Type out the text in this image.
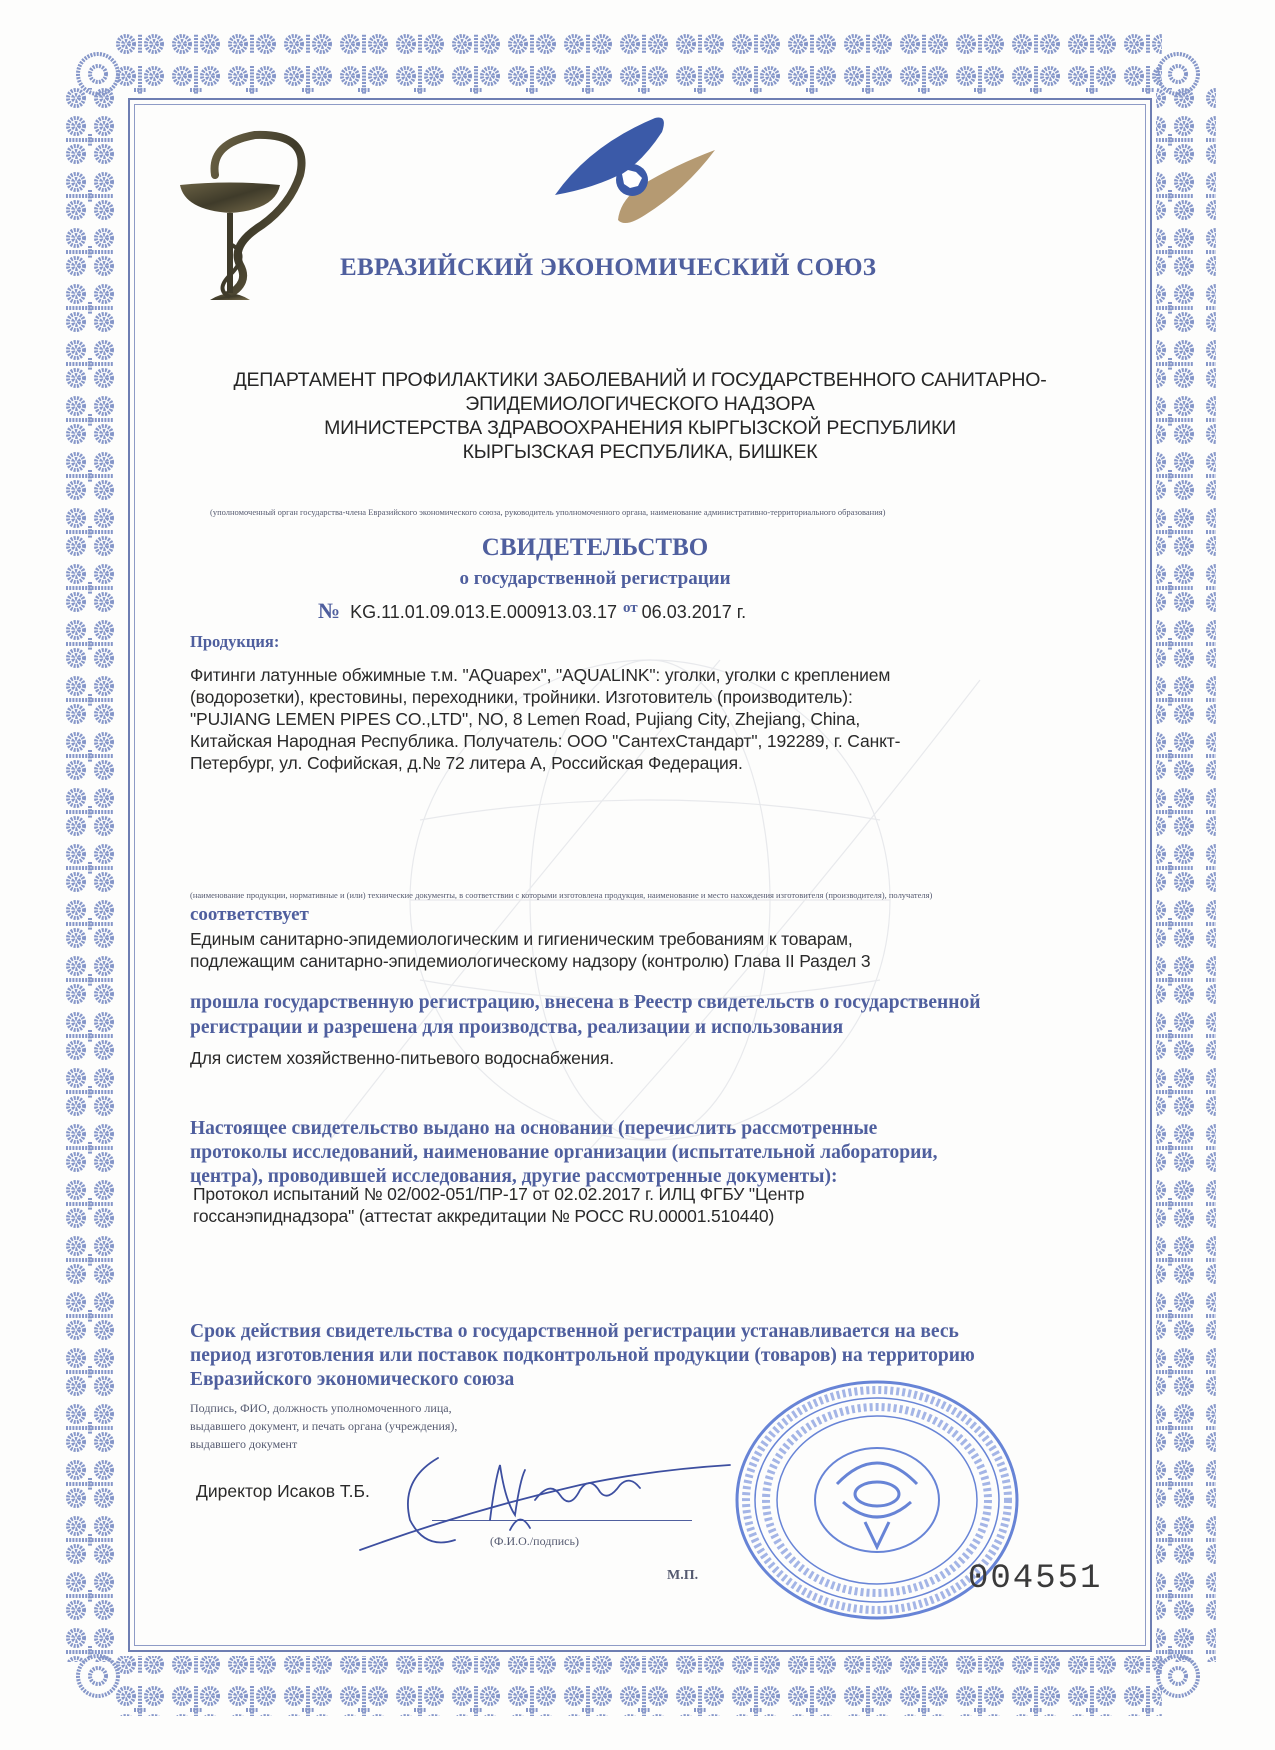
ЕВРАЗИЙСКИЙ ЭКОНОМИЧЕСКИЙ СОЮЗ
ДЕПАРТАМЕНТ ПРОФИЛАКТИКИ ЗАБОЛЕВАНИЙ И ГОСУДАРСТВЕННОГО САНИТАРНО-
ЭПИДЕМИОЛОГИЧЕСКОГО НАДЗОРА
МИНИСТЕРСТВА ЗДРАВООХРАНЕНИЯ КЫРГЫЗСКОЙ РЕСПУБЛИКИ
КЫРГЫЗСКАЯ РЕСПУБЛИКА, БИШКЕК
(уполномоченный орган государства-члена Евразийского экономического союза, руководитель уполномоченного органа, наименование административно-территориального образования)
СВИДЕТЕЛЬСТВО
о государственной регистрации
№ KG.11.01.09.013.E.000913.03.17 $^{от}$ 06.03.2017 г.
Продукция:
Фитинги латунные обжимные т.м. "AQuapex", "AQUALINK": уголки, уголки с креплением
(водорозетки), крестовины, переходники, тройники. Изготовитель (производитель):
"PUJIANG LEMEN PIPES CO.,LTD", NO, 8 Lemen Road, Pujiang City, Zhejiang, China,
Китайская Народная Республика. Получатель: ООО "СантехСтандарт", 192289, г. Санкт-
Петербург, ул. Софийская, д.№ 72 литера А, Российская Федерация.
(наименование продукции, нормативные и (или) технические документы, в соответствии с которыми изготовлена продукция, наименование и место нахождения изготовителя (производителя), получателя)
соответствует
Единым санитарно-эпидемиологическим и гигиеническим требованиям к товарам,
подлежащим санитарно-эпидемиологическому надзору (контролю) Глава II Раздел 3
прошла государственную регистрацию, внесена в Реестр свидетельств о государственной
регистрации и разрешена для производства, реализации и использования
Для систем хозяйственно-питьевого водоснабжения.
Настоящее свидетельство выдано на основании (перечислить рассмотренные
протоколы исследований, наименование организации (испытательной лаборатории,
центра), проводившей исследования, другие рассмотренные документы):
Протокол испытаний № 02/002-051/ПР-17 от 02.02.2017 г. ИЛЦ ФГБУ "Центр
госсанэпиднадзора" (аттестат аккредитации № РОСС RU.00001.510440)
Срок действия свидетельства о государственной регистрации устанавливается на весь
период изготовления или поставок подконтрольной продукции (товаров) на территорию
Евразийского экономического союза
Подпись, ФИО, должность уполномоченного лица,
выдавшего документ, и печать органа (учреждения),
выдавшего документ
Директор Исаков Т.Б.
(Ф.И.О./подпись)
М.П.	004551
